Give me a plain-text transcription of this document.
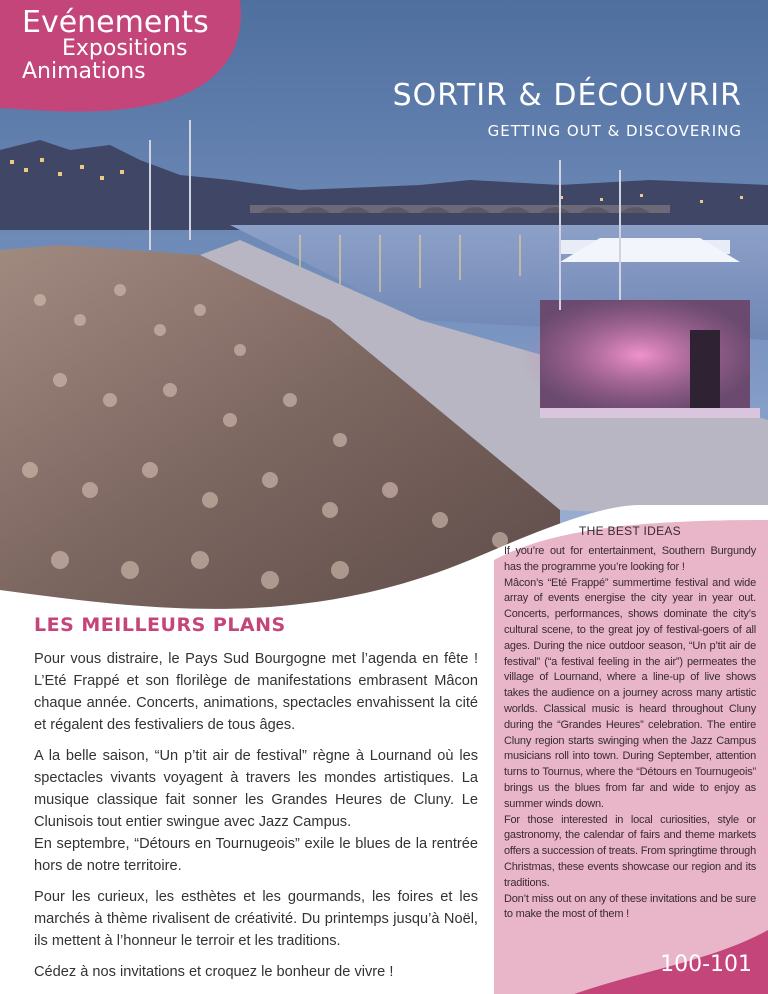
Evénements
Expositions
Animations
SORTIR & DÉCOUVRIR
GETTING OUT & DISCOVERING
LES MEILLEURS PLANS

Pour vous distraire, le Pays Sud Bourgogne met l’agenda en fête ! L’Eté Frappé et son florilège de manifestations embrasent Mâcon chaque année. Concerts, animations, spectacles envahissent la cité et régalent des festivaliers de tous âges.

A la belle saison, “Un p’tit air de festival” règne à Lournand où les spectacles vivants voyagent à travers les mondes artistiques. La musique classique fait sonner les Grandes Heures de Cluny. Le Clunisois tout entier swingue avec Jazz Campus.

En septembre, “Détours en Tournugeois” exile le blues de la rentrée hors de notre territoire.

Pour les curieux, les esthètes et les gourmands, les foires et les marchés à thème rivalisent de créativité. Du printemps jusqu’à Noël, ils mettent à l’honneur le terroir et les traditions.

Cédez à nos invitations et croquez le bonheur de vivre !

THE BEST IDEAS

If you’re out for entertainment, Southern Burgundy has the programme you’re looking for !

Mâcon’s “Eté Frappé” summertime festival and wide array of events energise the city year in year out. Concerts, performances, shows dominate the city’s cultural scene, to the great joy of festival-goers of all ages. During the nice outdoor season, “Un p’tit air de festival” (“a festival feeling in the air”) permeates the village of Lournand, where a line-up of live shows takes the audience on a journey across many artistic worlds. Classical music is heard throughout Cluny during the “Grandes Heures” celebration. The entire Cluny region starts swinging when the Jazz Campus musicians roll into town. During September, attention turns to Tournus, where the “Détours en Tournugeois” brings us the blues from far and wide to enjoy as summer winds down.

For those interested in local curiosities, style or gastronomy, the calendar of fairs and theme markets offers a succession of treats. From springtime through Christmas, these events showcase our region and its traditions.

Don’t miss out on any of these invitations and be sure to make the most of them !

100-101
